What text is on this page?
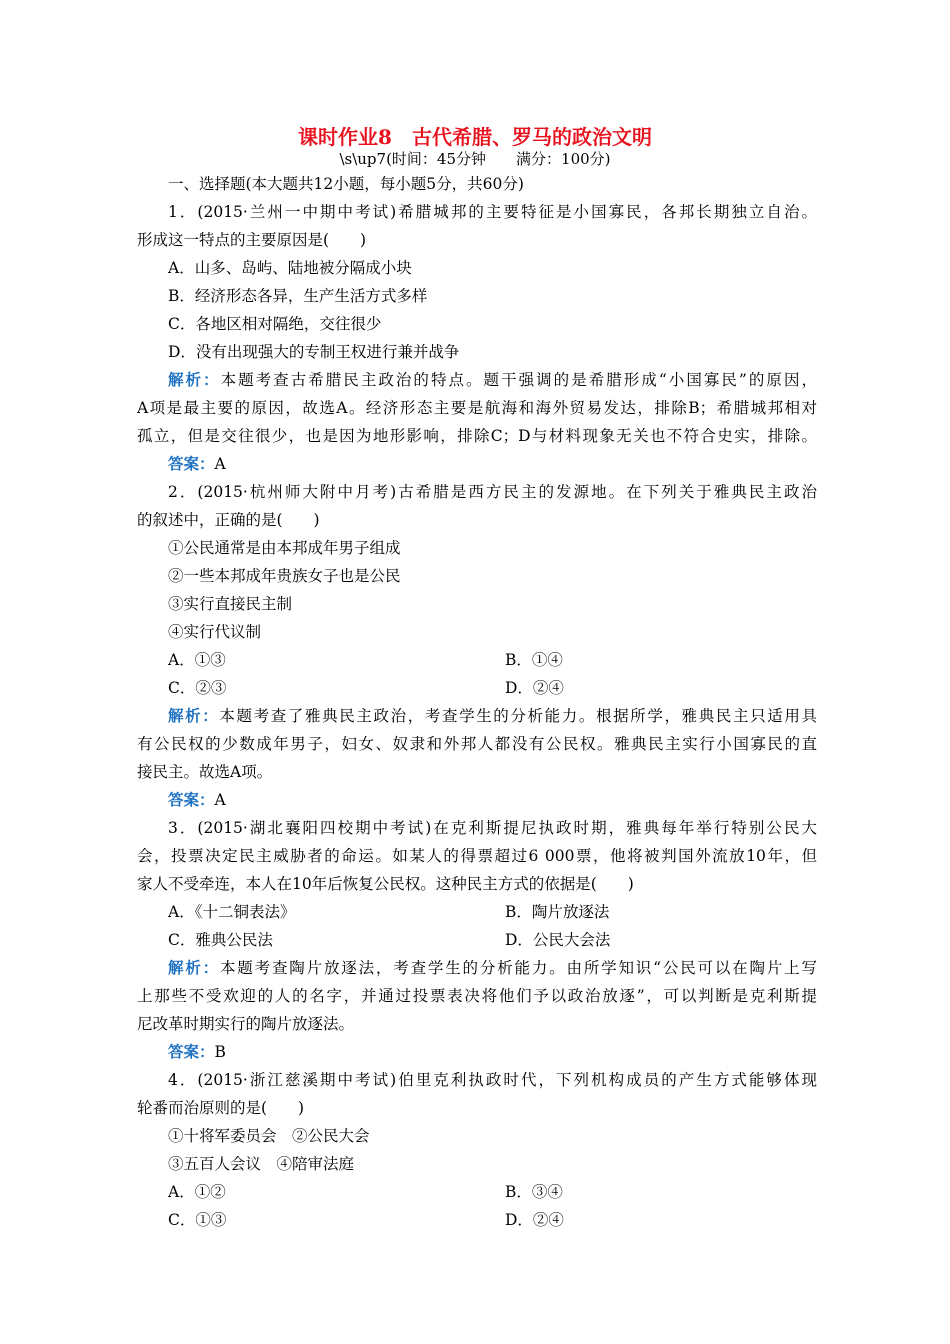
课时作业8　古代希腊、罗马的政治文明
\s\up7(时间：45分钟　　满分：100分)
一、选择题(本大题共12小题，每小题5分，共60分)
1．(2015·兰州一中期中考试)希腊城邦的主要特征是小国寡民，各邦长期独立自治。
形成这一特点的主要原因是(　　)
A．山多、岛屿、陆地被分隔成小块
B．经济形态各异，生产生活方式多样
C．各地区相对隔绝，交往很少
D．没有出现强大的专制王权进行兼并战争
解析：本题考查古希腊民主政治的特点。题干强调的是希腊形成“小国寡民”的原因，
A项是最主要的原因，故选A。经济形态主要是航海和海外贸易发达，排除B；希腊城邦相对
孤立，但是交往很少，也是因为地形影响，排除C；D与材料现象无关也不符合史实，排除。
答案：A
2．(2015·杭州师大附中月考)古希腊是西方民主的发源地。在下列关于雅典民主政治
的叙述中，正确的是(　　)
①公民通常是由本邦成年男子组成
②一些本邦成年贵族女子也是公民
③实行直接民主制
④实行代议制
A．①③	B．①④
C．②③	D．②④
解析：本题考查了雅典民主政治，考查学生的分析能力。根据所学，雅典民主只适用具
有公民权的少数成年男子，妇女、奴隶和外邦人都没有公民权。雅典民主实行小国寡民的直
接民主。故选A项。
答案：A
3．(2015·湖北襄阳四校期中考试)在克利斯提尼执政时期，雅典每年举行特别公民大
会，投票决定民主威胁者的命运。如某人的得票超过6 000票，他将被判国外流放10年，但
家人不受牵连，本人在10年后恢复公民权。这种民主方式的依据是(　　)
A．《十二铜表法》	B．陶片放逐法
C．雅典公民法	D．公民大会法
解析：本题考查陶片放逐法，考查学生的分析能力。由所学知识“公民可以在陶片上写
上那些不受欢迎的人的名字，并通过投票表决将他们予以政治放逐”，可以判断是克利斯提
尼改革时期实行的陶片放逐法。
答案：B
4．(2015·浙江慈溪期中考试)伯里克利执政时代，下列机构成员的产生方式能够体现
轮番而治原则的是(　　)
①十将军委员会　②公民大会
③五百人会议　④陪审法庭
A．①②	B．③④
C．①③	D．②④
